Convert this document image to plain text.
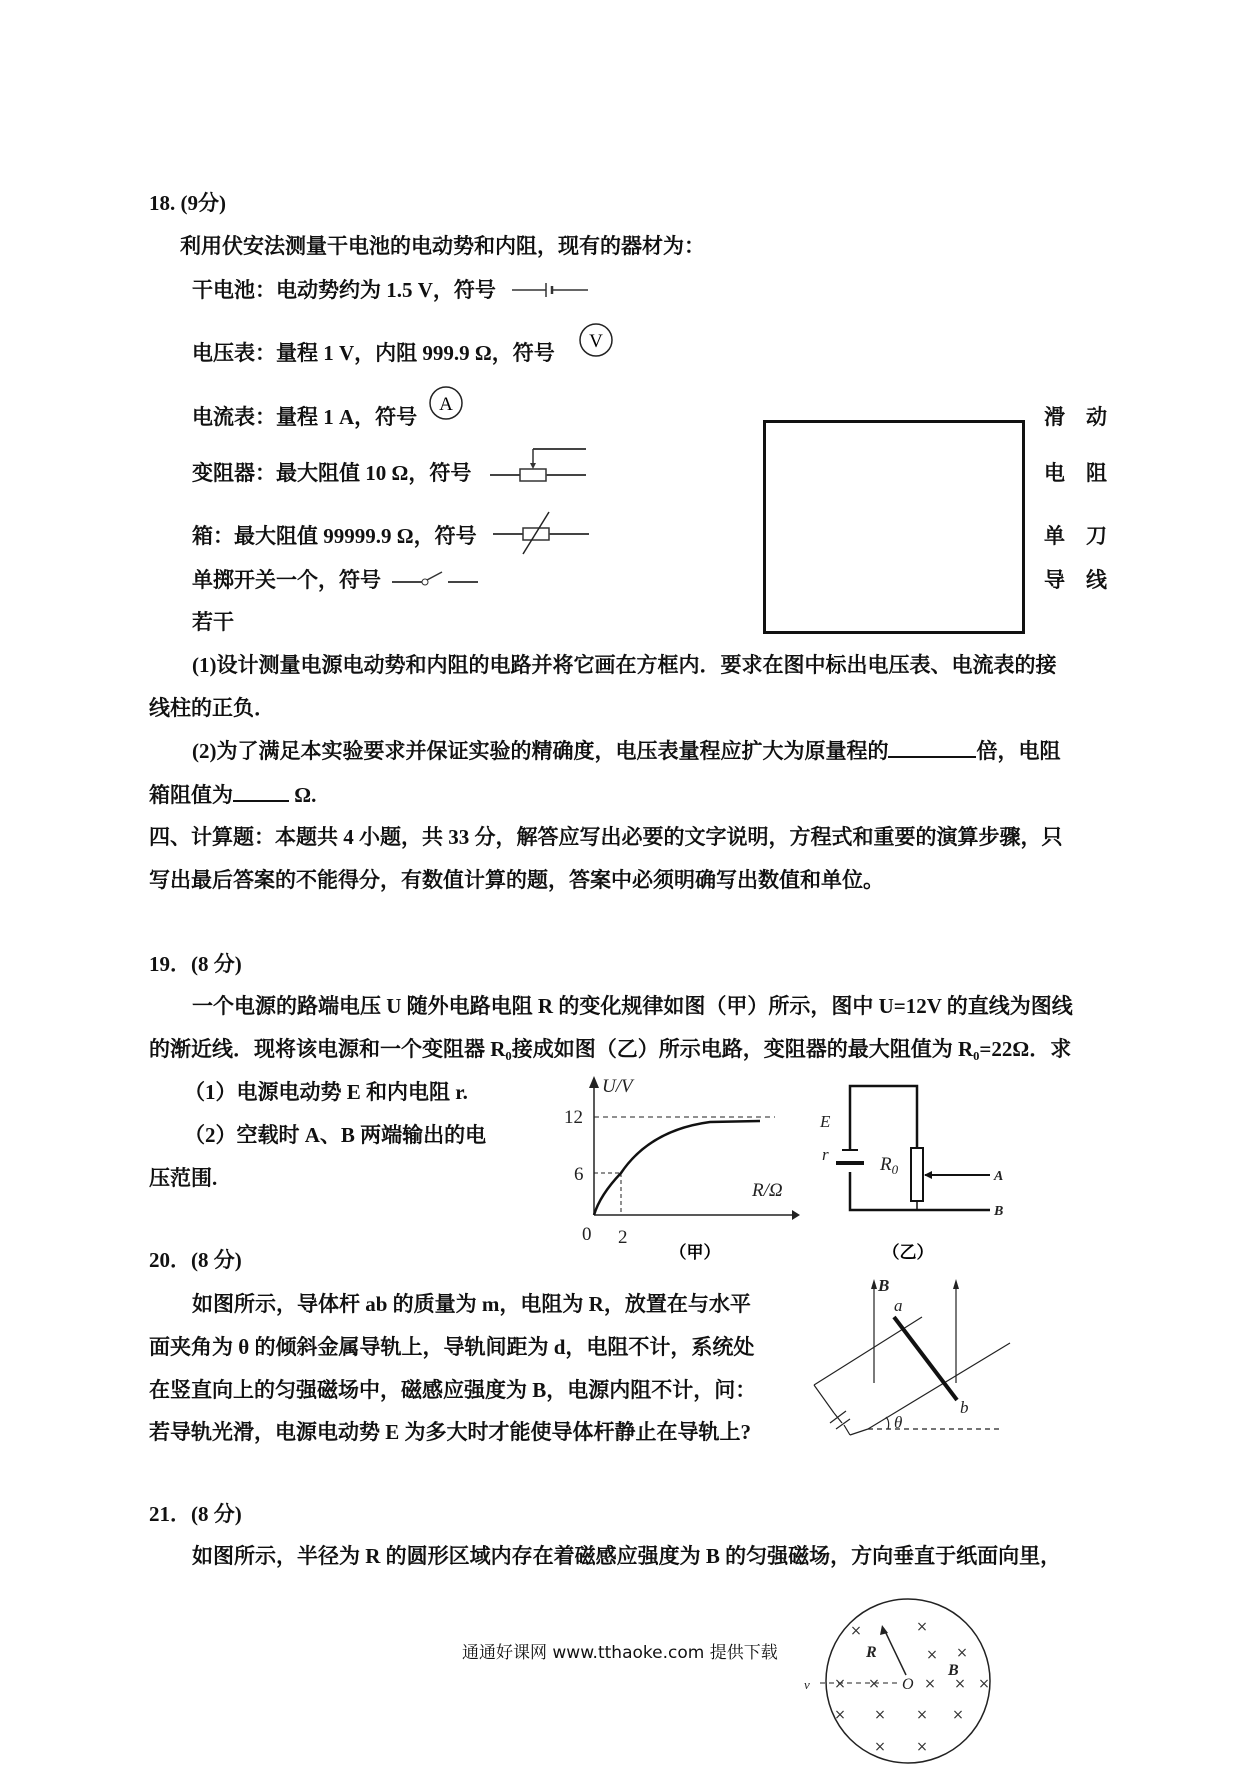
18. (9分)
利用伏安法测量干电池的电动势和内阻，现有的器材为：
干电池：电动势约为 1.5 V，符号
电压表：量程 1 V，内阻 999.9 Ω，符号 V
电流表：量程 1 A，符号
A
变阻器：最大阻值 10 Ω，符号
箱：最大阻值 99999.9 Ω，符号
单掷开关一个，符号
若干
滑　动
电　阻
单　刀
导　线
(1)设计测量电源电动势和内阻的电路并将它画在方框内．要求在图中标出电压表、电流表的接
线柱的正负．
(2)为了满足本实验要求并保证实验的精确度，电压表量程应扩大为原量程的	倍，电阻
箱阻值为	Ω.
四、计算题：本题共 4 小题，共 33 分，解答应写出必要的文字说明，方程式和重要的演算步骤，只
写出最后答案的不能得分，有数值计算的题，答案中必须明确写出数值和单位。
19．(8 分)
一个电源的路端电压 U 随外电路电阻 R 的变化规律如图（甲）所示，图中 U=12V 的直线为图线
的渐近线．现将该电源和一个变阻器 R₀接成如图（乙）所示电路，变阻器的最大阻值为 R₀=22Ω．求
（1）电源电动势 E 和内电阻 r.
（2）空载时 A、B 两端输出的电
压范围.
U/V
R/Ω
12
6
0 2
（甲）
E
r	$R_0$	A
B
（乙）
20．(8 分)
如图所示，导体杆 ab 的质量为 m，电阻为 R，放置在与水平
面夹角为 θ 的倾斜金属导轨上，导轨间距为 d，电阻不计，系统处
在竖直向上的匀强磁场中，磁感应强度为 B，电源内阻不计，问：
若导轨光滑，电源电动势 E 为多大时才能使导体杆静止在导轨上?
B
a
b
θ
21．(8 分)
如图所示，半径为 R 的圆形区域内存在着磁感应强度为 B 的匀强磁场，方向垂直于纸面向里，
通通好课网 www.tthaoke.com 提供下载
×	×
× ×
× ×	× × ×
× × × ×
× ×
R
B
O
v
